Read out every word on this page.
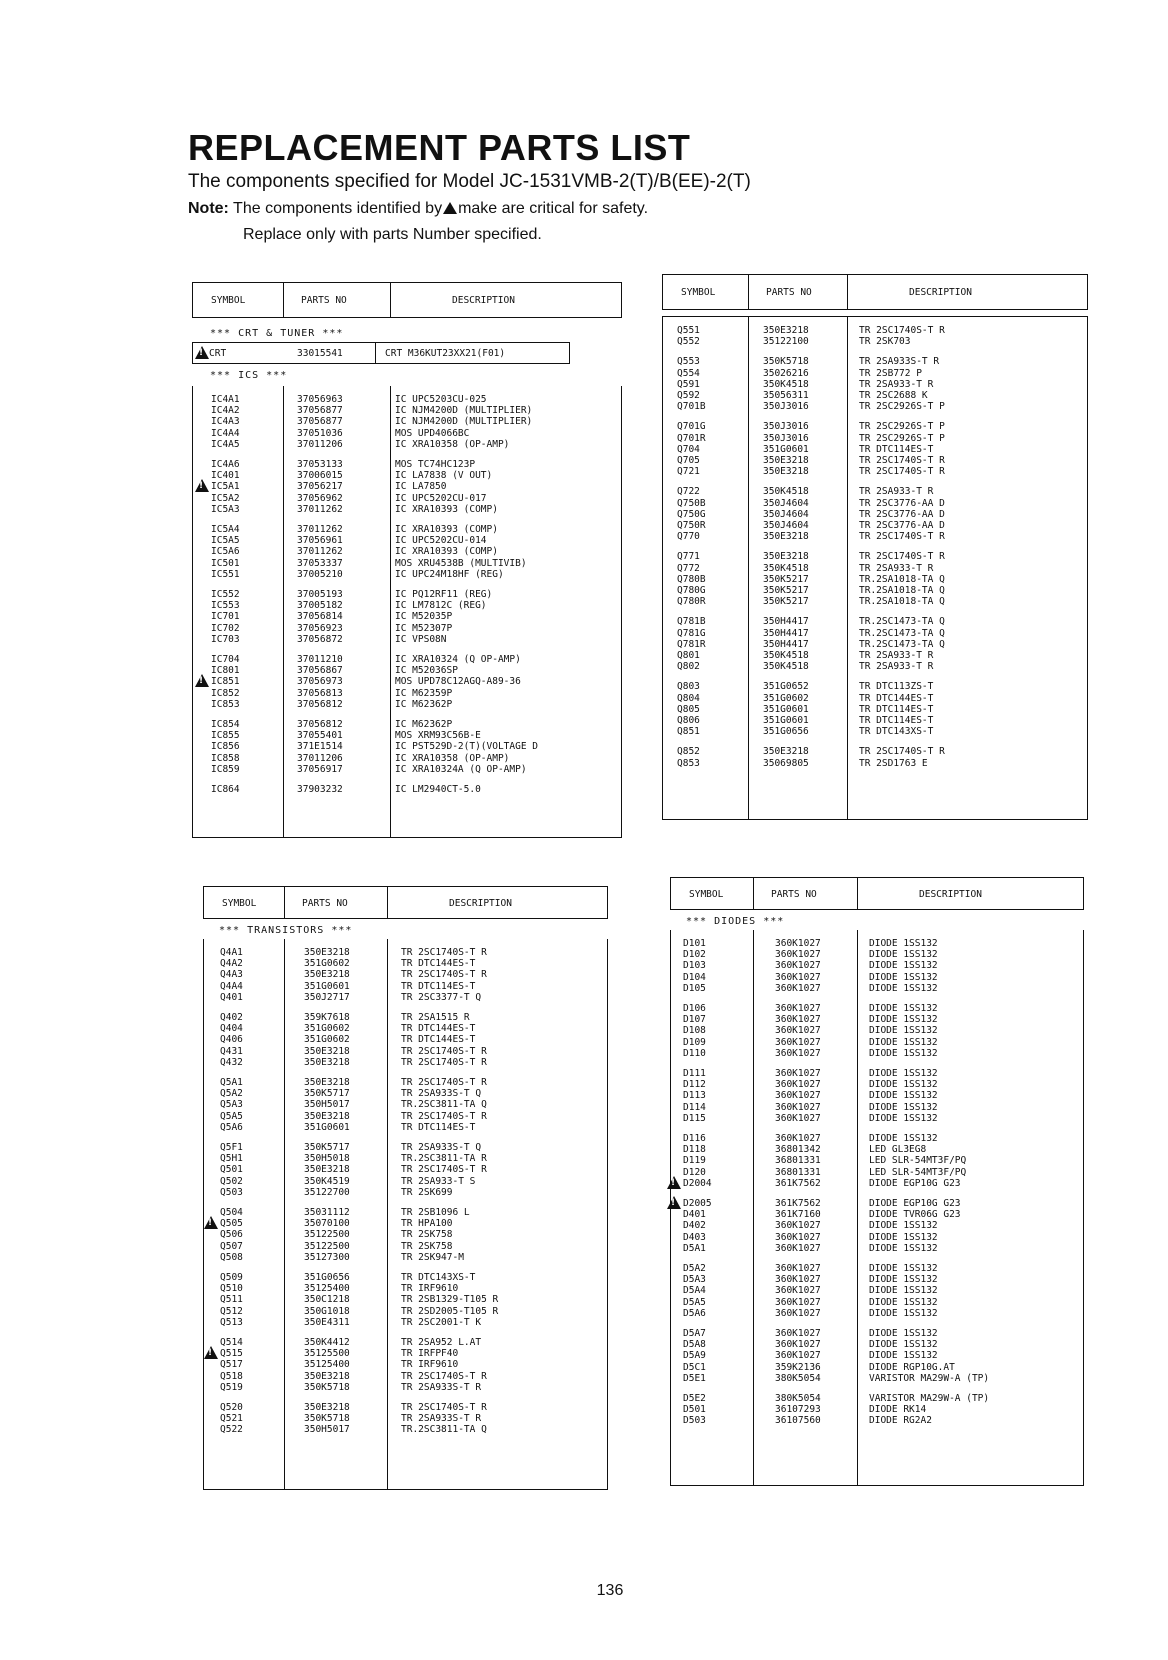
REPLACEMENT PARTS LIST

The components specified for Model JC-1531VMB-2(T)/B(EE)-2(T)

Note: The components identified by make are critical for safety.

Replace only with parts Number specified.

SYMBOL	PARTS NO	DESCRIPTION
*** CRT & TUNER ***
!
CRT	33015541	CRT M36KUT23XX21(F01)
*** ICS ***
IC4A1	37056963	IC UPC5203CU-025
IC4A2	37056877	IC NJM4200D (MULTIPLIER)
IC4A3	37056877	IC NJM4200D (MULTIPLIER)
IC4A4	37051036	MOS UPD4066BC
IC4A5	37011206	IC XRA10358 (OP-AMP)
IC4A6	37053133	MOS TC74HC123P
IC401	37006015	IC LA7838 (V OUT)
IC5A1	37056217	IC LA7850
!
IC5A2	37056962	IC UPC5202CU-017
IC5A3	37011262	IC XRA10393 (COMP)
IC5A4	37011262	IC XRA10393 (COMP)
IC5A5	37056961	IC UPC5202CU-014
IC5A6	37011262	IC XRA10393 (COMP)
IC501	37053337	MOS XRU4538B (MULTIVIB)
IC551	37005210	IC UPC24M18HF (REG)
IC552	37005193	IC PQ12RF11 (REG)
IC553	37005182	IC LM7812C (REG)
IC701	37056814	IC M52035P
IC702	37056923	IC M52307P
IC703	37056872	IC VPS08N
IC704	37011210	IC XRA10324 (Q OP-AMP)
IC801	37056867	IC M52036SP
IC851	37056973	MOS UPD78C12AGQ-A89-36
!
IC852	37056813	IC M62359P
IC853	37056812	IC M62362P
IC854	37056812	IC M62362P
IC855	37055401	MOS XRM93C56B-E
IC856	371E1514	IC PST529D-2(T)(VOLTAGE D
IC858	37011206	IC XRA10358 (OP-AMP)
IC859	37056917	IC XRA10324A (Q OP-AMP)
IC864	37903232	IC LM2940CT-5.0
SYMBOL	PARTS NO	DESCRIPTION
Q551	350E3218	TR 2SC1740S-T R
Q552	35122100	TR 2SK703
Q553	350K5718	TR 2SA933S-T R
Q554	35026216	TR 2SB772 P
Q591	350K4518	TR 2SA933-T R
Q592	35056311	TR 2SC2688 K
Q701B	350J3016	TR 2SC2926S-T P
Q701G	350J3016	TR 2SC2926S-T P
Q701R	350J3016	TR 2SC2926S-T P
Q704	351G0601	TR DTC114ES-T
Q705	350E3218	TR 2SC1740S-T R
Q721	350E3218	TR 2SC1740S-T R
Q722	350K4518	TR 2SA933-T R
Q750B	350J4604	TR 2SC3776-AA D
Q750G	350J4604	TR 2SC3776-AA D
Q750R	350J4604	TR 2SC3776-AA D
Q770	350E3218	TR 2SC1740S-T R
Q771	350E3218	TR 2SC1740S-T R
Q772	350K4518	TR 2SA933-T R
Q780B	350K5217	TR.2SA1018-TA Q
Q780G	350K5217	TR.2SA1018-TA Q
Q780R	350K5217	TR.2SA1018-TA Q
Q781B	350H4417	TR.2SC1473-TA Q
Q781G	350H4417	TR.2SC1473-TA Q
Q781R	350H4417	TR.2SC1473-TA Q
Q801	350K4518	TR 2SA933-T R
Q802	350K4518	TR 2SA933-T R
Q803	351G0652	TR DTC113ZS-T
Q804	351G0602	TR DTC144ES-T
Q805	351G0601	TR DTC114ES-T
Q806	351G0601	TR DTC114ES-T
Q851	351G0656	TR DTC143XS-T
Q852	350E3218	TR 2SC1740S-T R
Q853	35069805	TR 2SD1763 E
SYMBOL	PARTS NO	DESCRIPTION
*** TRANSISTORS ***
Q4A1	350E3218	TR 2SC1740S-T R
Q4A2	351G0602	TR DTC144ES-T
Q4A3	350E3218	TR 2SC1740S-T R
Q4A4	351G0601	TR DTC114ES-T
Q401	350J2717	TR 2SC3377-T Q
Q402	359K7618	TR 2SA1515 R
Q404	351G0602	TR DTC144ES-T
Q406	351G0602	TR DTC144ES-T
Q431	350E3218	TR 2SC1740S-T R
Q432	350E3218	TR 2SC1740S-T R
Q5A1	350E3218	TR 2SC1740S-T R
Q5A2	350K5717	TR 2SA933S-T Q
Q5A3	350H5017	TR.2SC3811-TA Q
Q5A5	350E3218	TR 2SC1740S-T R
Q5A6	351G0601	TR DTC114ES-T
Q5F1	350K5717	TR 2SA933S-T Q
Q5H1	350H5018	TR.2SC3811-TA R
Q501	350E3218	TR 2SC1740S-T R
Q502	350K4519	TR 2SA933-T S
Q503	35122700	TR 2SK699
Q504	35031112	TR 2SB1096 L
Q505	35070100	TR HPA100
!
Q506	35122500	TR 2SK758
Q507	35122500	TR 2SK758
Q508	35127300	TR 2SK947-M
Q509	351G0656	TR DTC143XS-T
Q510	35125400	TR IRF9610
Q511	350C1218	TR 2SB1329-T105 R
Q512	350G1018	TR 2SD2005-T105 R
Q513	350E4311	TR 2SC2001-T K
Q514	350K4412	TR 2SA952 L.AT
Q515	35125500	TR IRFPF40
!
Q517	35125400	TR IRF9610
Q518	350E3218	TR 2SC1740S-T R
Q519	350K5718	TR 2SA933S-T R
Q520	350E3218	TR 2SC1740S-T R
Q521	350K5718	TR 2SA933S-T R
Q522	350H5017	TR.2SC3811-TA Q
SYMBOL	PARTS NO	DESCRIPTION
*** DIODES ***
D101	360K1027	DIODE 1SS132
D102	360K1027	DIODE 1SS132
D103	360K1027	DIODE 1SS132
D104	360K1027	DIODE 1SS132
D105	360K1027	DIODE 1SS132
D106	360K1027	DIODE 1SS132
D107	360K1027	DIODE 1SS132
D108	360K1027	DIODE 1SS132
D109	360K1027	DIODE 1SS132
D110	360K1027	DIODE 1SS132
D111	360K1027	DIODE 1SS132
D112	360K1027	DIODE 1SS132
D113	360K1027	DIODE 1SS132
D114	360K1027	DIODE 1SS132
D115	360K1027	DIODE 1SS132
D116	360K1027	DIODE 1SS132
D118	36801342	LED GL3EG8
D119	36801331	LED SLR-54MT3F/PQ
D120	36801331	LED SLR-54MT3F/PQ
D2004	361K7562	DIODE EGP10G G23
!
D2005	361K7562	DIODE EGP10G G23
!
D401	361K7160	DIODE TVR06G G23
D402	360K1027	DIODE 1SS132
D403	360K1027	DIODE 1SS132
D5A1	360K1027	DIODE 1SS132
D5A2	360K1027	DIODE 1SS132
D5A3	360K1027	DIODE 1SS132
D5A4	360K1027	DIODE 1SS132
D5A5	360K1027	DIODE 1SS132
D5A6	360K1027	DIODE 1SS132
D5A7	360K1027	DIODE 1SS132
D5A8	360K1027	DIODE 1SS132
D5A9	360K1027	DIODE 1SS132
D5C1	359K2136	DIODE RGP10G.AT
D5E1	380K5054	VARISTOR MA29W-A (TP)
D5E2	380K5054	VARISTOR MA29W-A (TP)
D501	36107293	DIODE RK14
D503	36107560	DIODE RG2A2
136
